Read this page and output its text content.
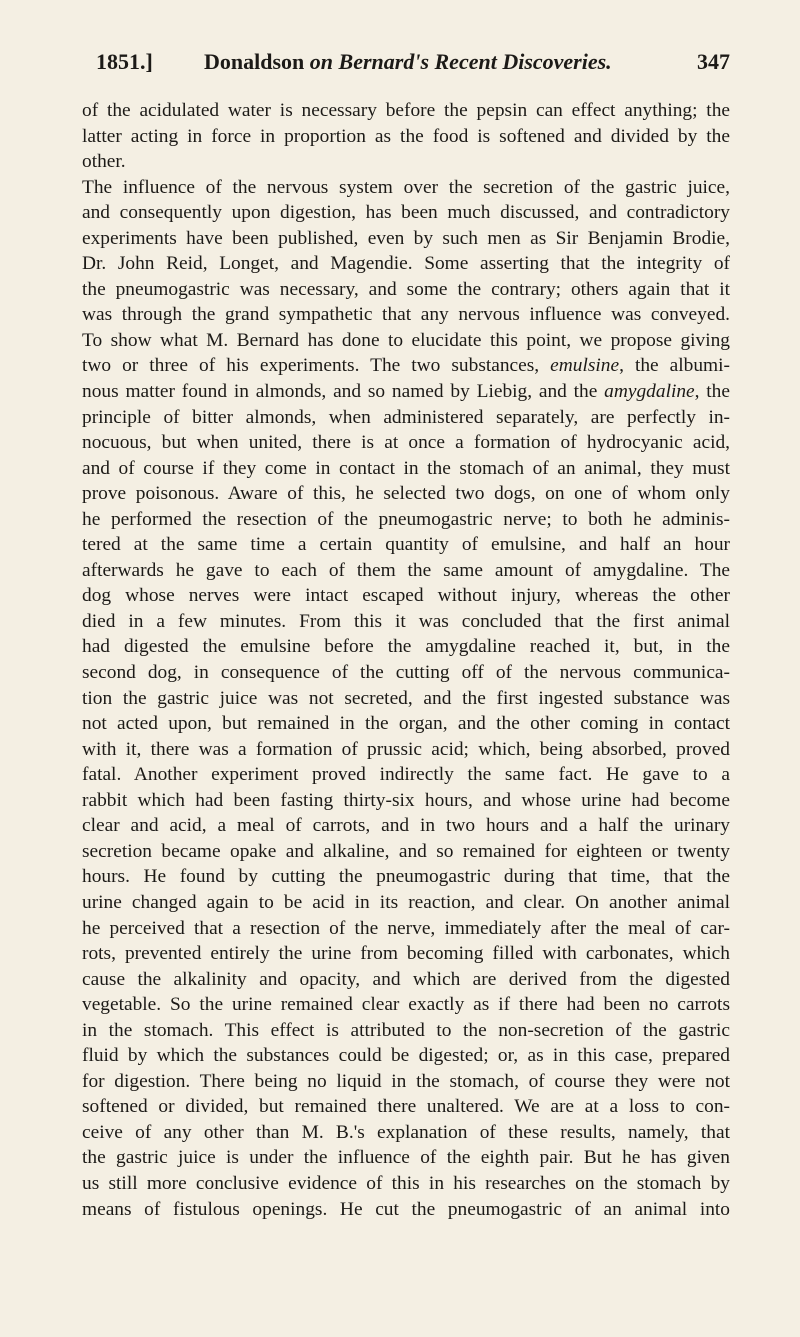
1851.] Donaldson on Bernard's Recent Discoveries.	347
of the acidulated water is necessary before the pepsin can effect anything; the
latter acting in force in proportion as the food is softened and divided by the
other.
The influence of the nervous system over the secretion of the gastric juice,
and consequently upon digestion, has been much discussed, and contradictory
experiments have been published, even by such men as Sir Benjamin Brodie,
Dr. John Reid, Longet, and Magendie. Some asserting that the integrity of
the pneumogastric was necessary, and some the contrary; others again that it
was through the grand sympathetic that any nervous influence was conveyed.
To show what M. Bernard has done to elucidate this point, we propose giving
two or three of his experiments. The two substances, emulsine, the albumi-
nous matter found in almonds, and so named by Liebig, and the amygdaline, the
principle of bitter almonds, when administered separately, are perfectly in-
nocuous, but when united, there is at once a formation of hydrocyanic acid,
and of course if they come in contact in the stomach of an animal, they must
prove poisonous. Aware of this, he selected two dogs, on one of whom only
he performed the resection of the pneumogastric nerve; to both he adminis-
tered at the same time a certain quantity of emulsine, and half an hour
afterwards he gave to each of them the same amount of amygdaline. The
dog whose nerves were intact escaped without injury, whereas the other
died in a few minutes. From this it was concluded that the first animal
had digested the emulsine before the amygdaline reached it, but, in the
second dog, in consequence of the cutting off of the nervous communica-
tion the gastric juice was not secreted, and the first ingested substance was
not acted upon, but remained in the organ, and the other coming in contact
with it, there was a formation of prussic acid; which, being absorbed, proved
fatal. Another experiment proved indirectly the same fact. He gave to a
rabbit which had been fasting thirty-six hours, and whose urine had become
clear and acid, a meal of carrots, and in two hours and a half the urinary
secretion became opake and alkaline, and so remained for eighteen or twenty
hours. He found by cutting the pneumogastric during that time, that the
urine changed again to be acid in its reaction, and clear. On another animal
he perceived that a resection of the nerve, immediately after the meal of car-
rots, prevented entirely the urine from becoming filled with carbonates, which
cause the alkalinity and opacity, and which are derived from the digested
vegetable. So the urine remained clear exactly as if there had been no carrots
in the stomach. This effect is attributed to the non-secretion of the gastric
fluid by which the substances could be digested; or, as in this case, prepared
for digestion. There being no liquid in the stomach, of course they were not
softened or divided, but remained there unaltered. We are at a loss to con-
ceive of any other than M. B.'s explanation of these results, namely, that
the gastric juice is under the influence of the eighth pair. But he has given
us still more conclusive evidence of this in his researches on the stomach by
means of fistulous openings. He cut the pneumogastric of an animal into
